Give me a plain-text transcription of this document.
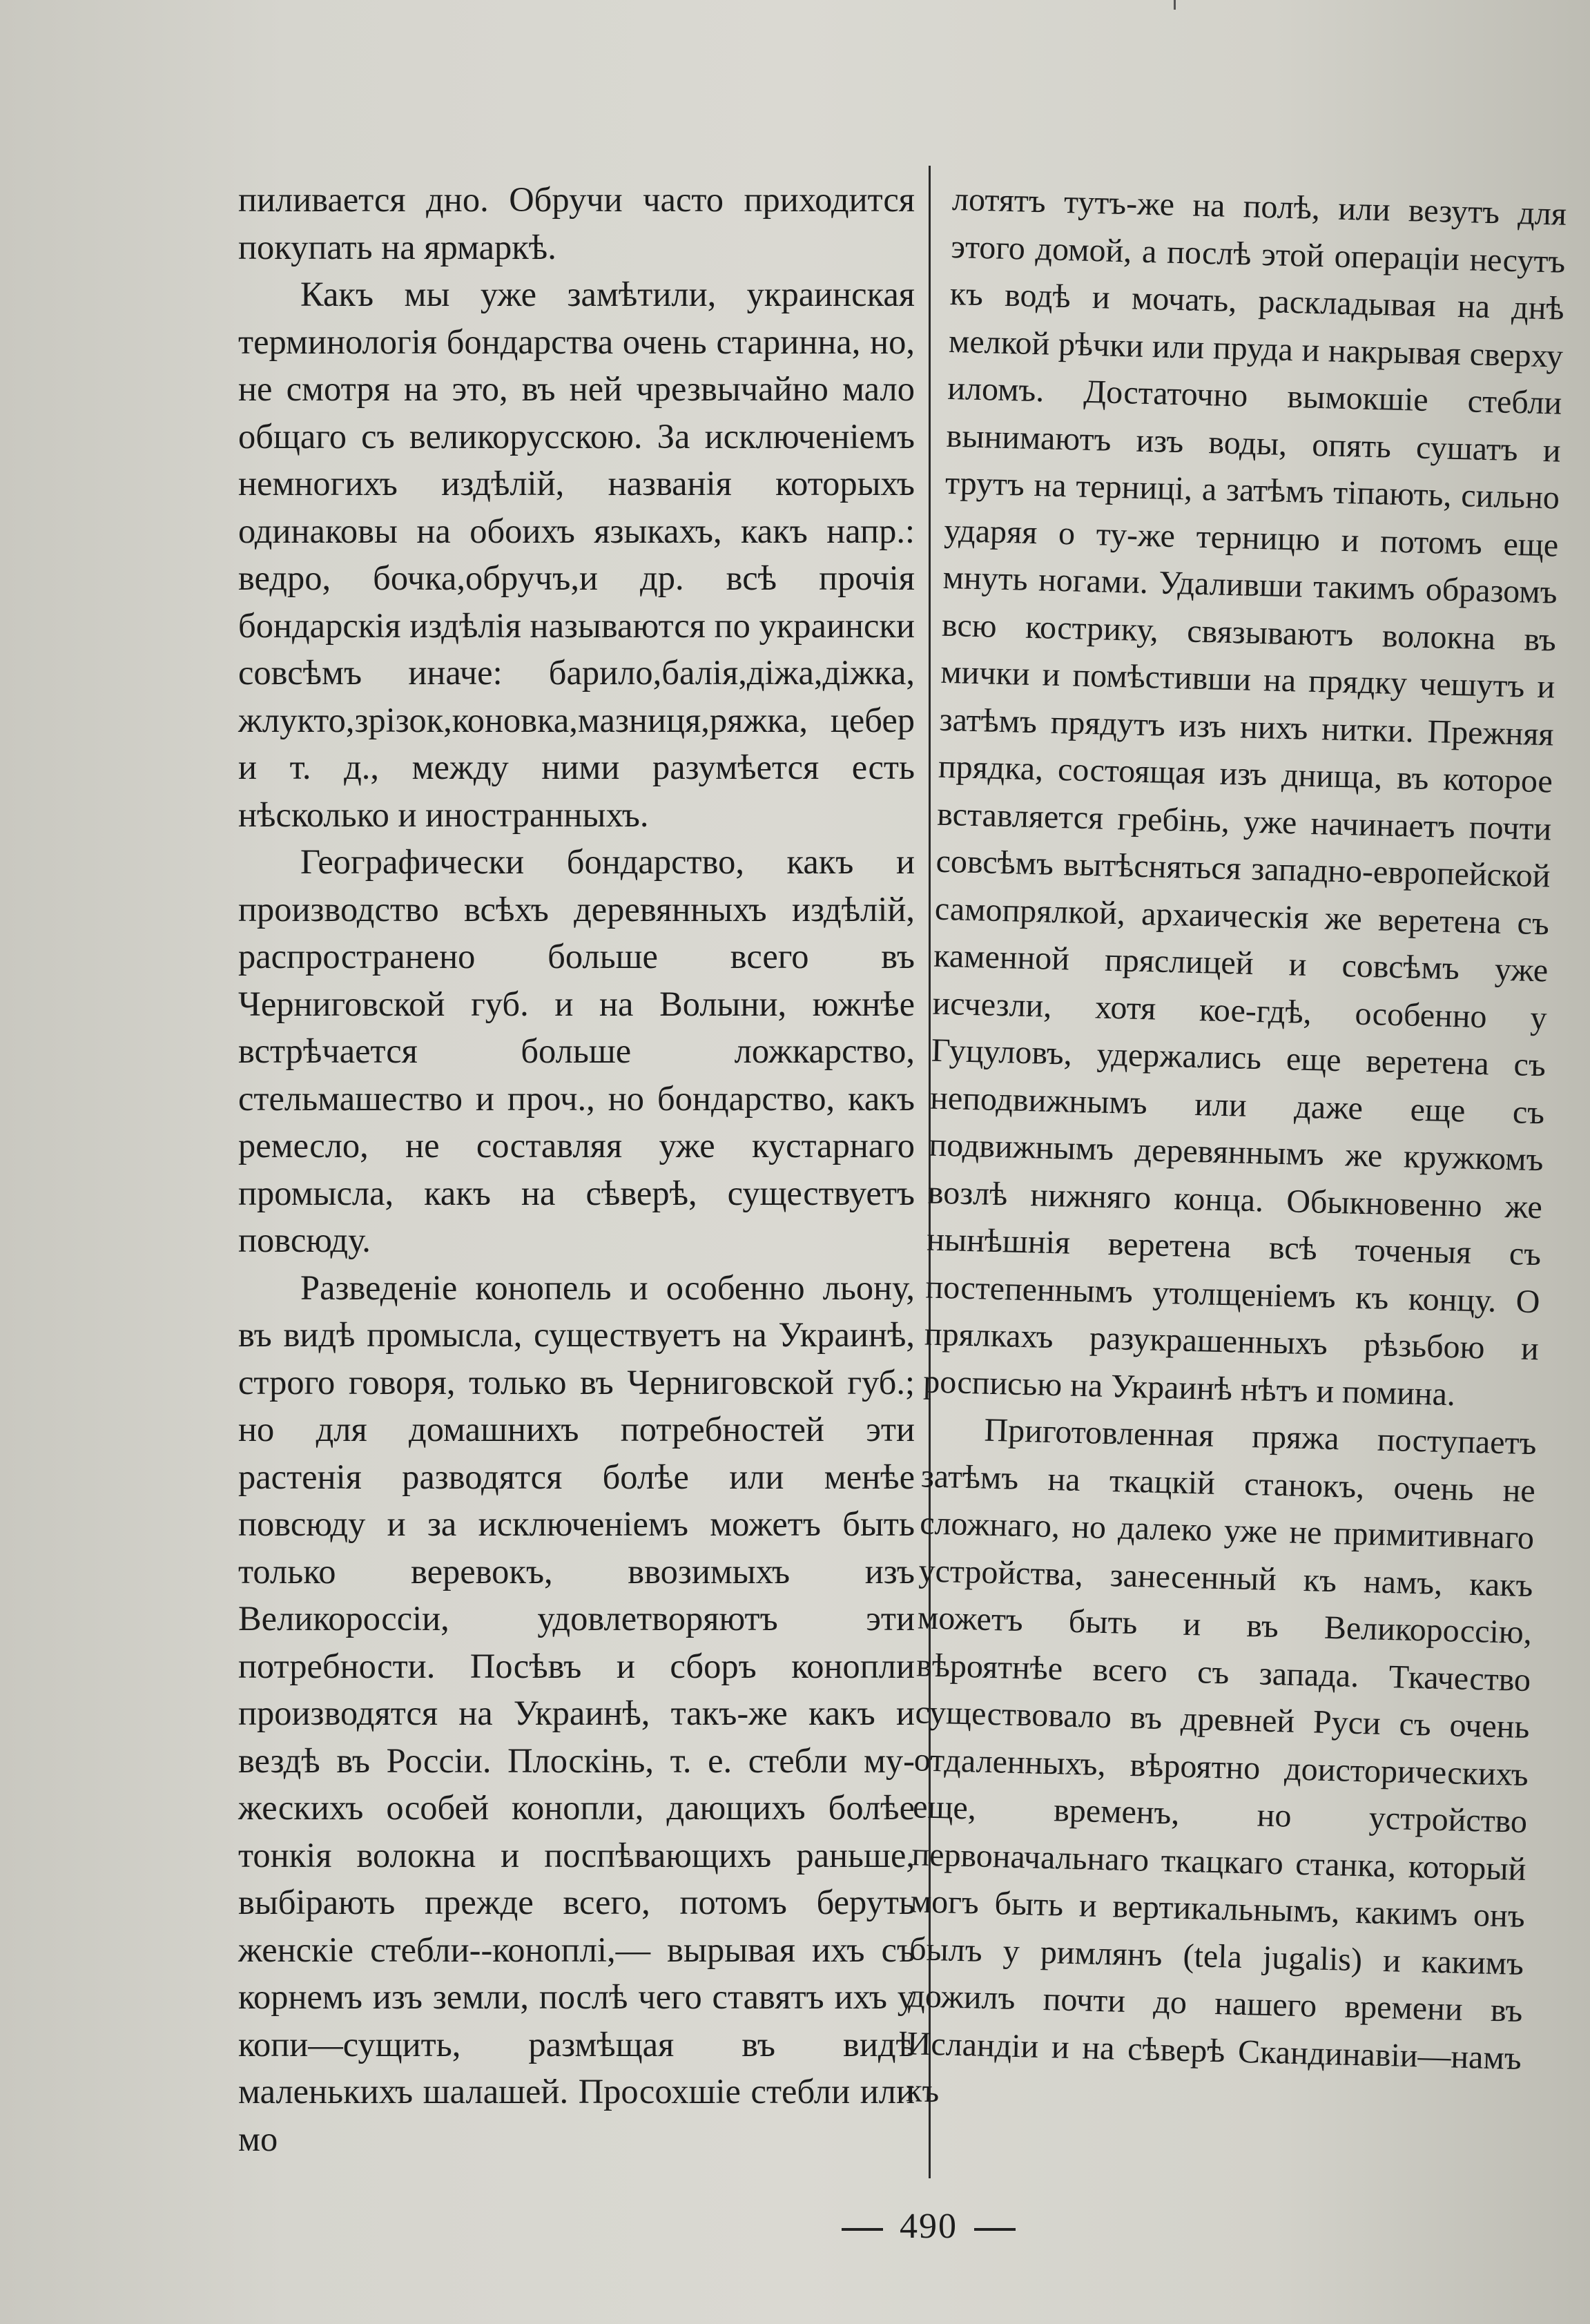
пиливается дно. Обручи часто приходится покупать на ярмаркѣ.

Какъ мы уже замѣтили, украинская терминологія бондарства очень старинна, но, не смотря на это, въ ней чрезвычайно мало общаго съ великорусскою. За исключеніемъ немногихъ издѣлій, названія которыхъ одинаковы на обоихъ языкахъ, какъ напр.: ведро, бочка,обручъ,и др. всѣ прочія бондарскія издѣлія называются по украински совсѣмъ иначе: барило,балія,діжа,діжка, жлукто,зрізок,коновка,мазниця,ряжка, цебер и т. д., между ними разумѣется есть нѣсколько и иностранныхъ.

Географически бондарство, какъ и производство всѣхъ деревянныхъ издѣлій, распространено больше всего въ Черниговской губ. и на Волыни, южнѣе встрѣчается больше ложкарство, стельмашество и проч., но бондарство, какъ ремесло, не составляя уже кустарнаго промысла, какъ на сѣверѣ, существуетъ повсюду.

Разведеніе конопель и особенно льону, въ видѣ промысла, существуетъ на Украинѣ, строго говоря, только въ Черниговской губ.; но для домашнихъ потребностей эти растенія разводятся болѣе или менѣе повсюду и за исключеніемъ можетъ быть только веревокъ, ввозимыхъ изъ Великороссіи, удовлетворяютъ эти потребности. Посѣвъ и сборъ конопли производятся на Украинѣ, такъ-же какъ и вездѣ въ Россіи. Плоскінь, т. е. стебли мужескихъ особей конопли, дающихъ болѣе тонкія волокна и поспѣвающихъ раньше, выбірають прежде всего, потомъ беруть женскіе стебли--коноплі,— вырывая ихъ съ корнемъ изъ земли, послѣ чего ставятъ ихъ у копи—сущить, размѣщая въ видѣ маленькихъ шалашей. Просохшіе стебли или мо

лотятъ тутъ-же на полѣ, или везутъ для этого домой, а послѣ этой операціи несутъ къ водѣ и мочать, раскладывая на днѣ мелкой рѣчки или пруда и накрывая сверху иломъ. Достаточно вымокшіе стебли вынимаютъ изъ воды, опять сушатъ и трутъ на терниці, а затѣмъ тіпають, сильно ударяя о ту-же терницю и потомъ еще мнуть ногами. Удаливши такимъ образомъ всю кострику, связываютъ волокна въ мички и помѣстивши на прядку чешутъ и затѣмъ прядутъ изъ нихъ нитки. Прежняя прядка, состоящая изъ днища, въ которое вставляется гребінь, уже начинаетъ почти совсѣмъ вытѣсняться западно-европейской самопрялкой, архаическія же веретена съ каменной пряслицей и совсѣмъ уже исчезли, хотя кое-гдѣ, особенно у Гуцуловъ, удержались еще веретена съ неподвижнымъ или даже еще съ подвижнымъ деревяннымъ же кружкомъ возлѣ нижняго конца. Обыкновенно же нынѣшнія веретена всѣ точеныя съ постепеннымъ утолщеніемъ къ концу. О прялкахъ разукрашенныхъ рѣзьбою и росписью на Украинѣ нѣтъ и помина.

Приготовленная пряжа поступаетъ затѣмъ на ткацкій станокъ, очень не сложнаго, но далеко уже не примитивнаго устройства, занесенный къ намъ, какъ можетъ быть и въ Великороссію, вѣроятнѣе всего съ запада. Ткачество существовало въ древней Руси съ очень отдаленныхъ, вѣроятно доисторическихъ еще, временъ, но устройство первоначальнаго ткацкаго станка, который могъ быть и вертикальнымъ, какимъ онъ былъ у римлянъ (tela jugalis) и какимъ дожилъ почти до нашего времени въ Исландіи и на сѣверѣ Скандинавіи—намъ къ

490
